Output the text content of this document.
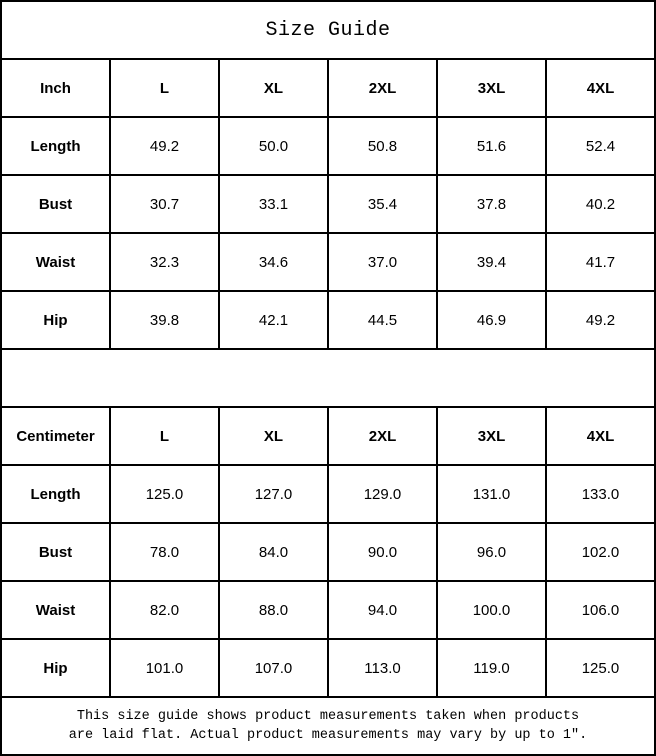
Size Guide					
Inch	L	XL	2XL	3XL	4XL
Length	49.2	50.0	50.8	51.6	52.4
Bust	30.7	33.1	35.4	37.8	40.2
Waist	32.3	34.6	37.0	39.4	41.7
Hip	39.8	42.1	44.5	46.9	49.2

Centimeter	L	XL	2XL	3XL	4XL
Length	125.0	127.0	129.0	131.0	133.0
Bust	78.0	84.0	90.0	96.0	102.0
Waist	82.0	88.0	94.0	100.0	106.0
Hip	101.0	107.0	113.0	119.0	125.0

This size guide shows product measurements taken when products
are laid flat. Actual product measurements may vary by up to 1″.					
